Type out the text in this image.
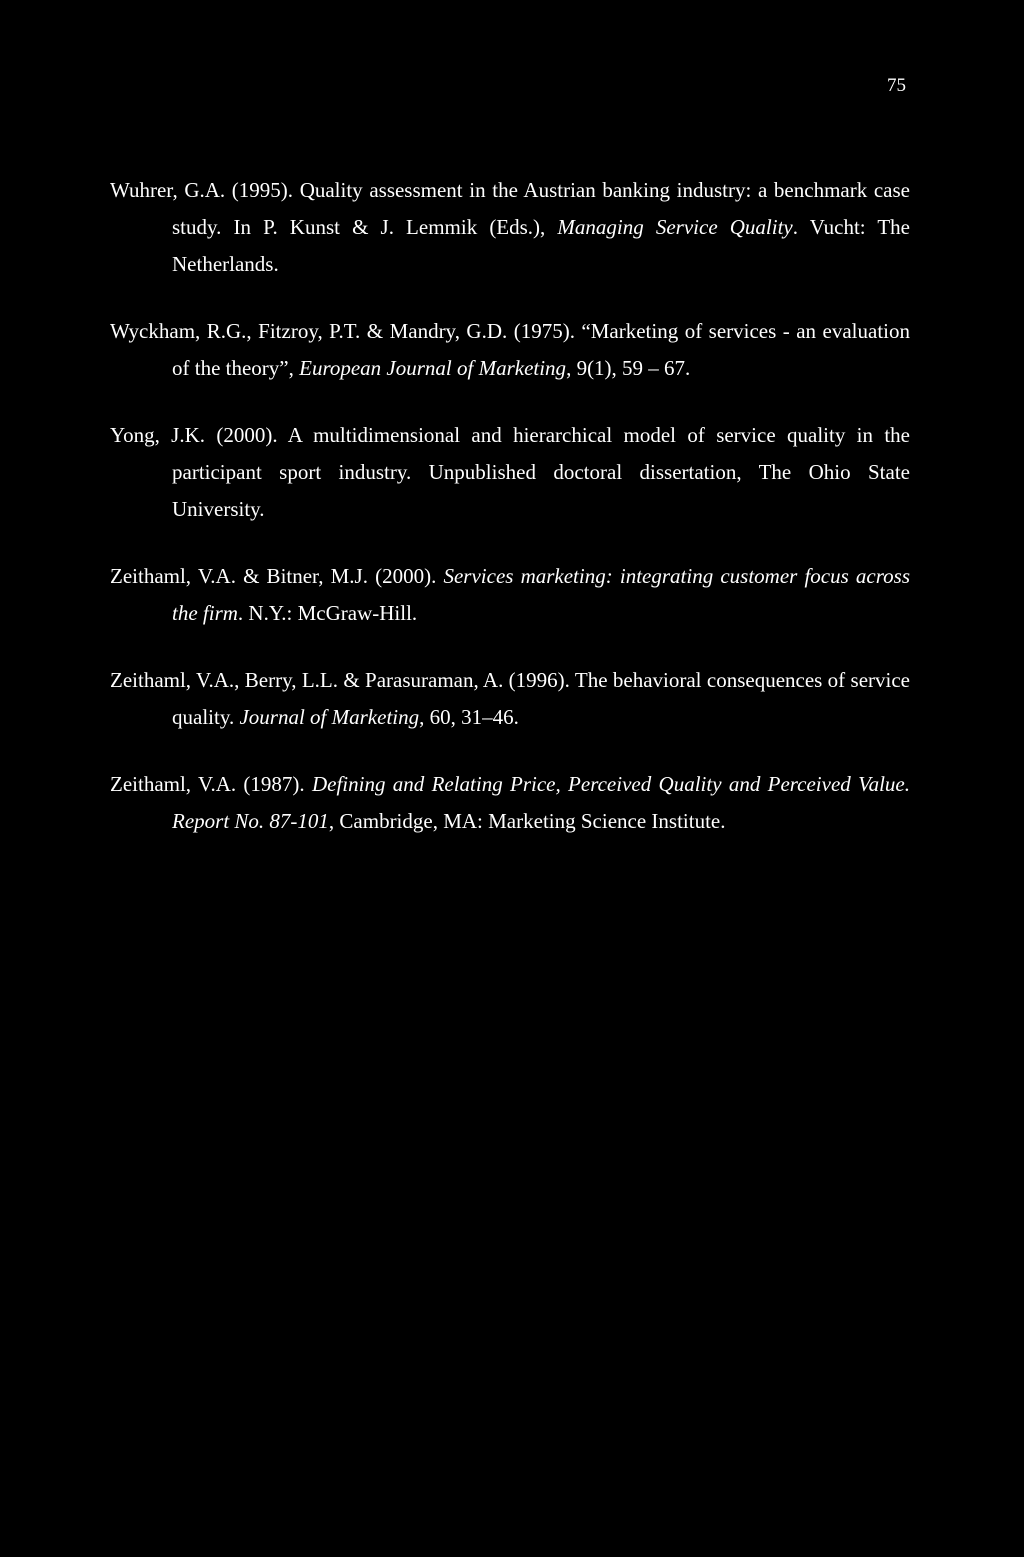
75

Wuhrer, G.A. (1995). Quality assessment in the Austrian banking industry: a benchmark case study. In P. Kunst & J. Lemmik (Eds.), Managing Service Quality. Vucht: The Netherlands.

Wyckham, R.G., Fitzroy, P.T. & Mandry, G.D. (1975). “Marketing of services - an evaluation of the theory”, European Journal of Marketing, 9(1), 59 – 67.

Yong, J.K. (2000). A multidimensional and hierarchical model of service quality in the participant sport industry. Unpublished doctoral dissertation, The Ohio State University.

Zeithaml, V.A. & Bitner, M.J. (2000). Services marketing: integrating customer focus across the firm. N.Y.: McGraw-Hill.

Zeithaml, V.A., Berry, L.L. & Parasuraman, A. (1996). The behavioral consequences of service quality. Journal of Marketing, 60, 31–46.

Zeithaml, V.A. (1987). Defining and Relating Price, Perceived Quality and Perceived Value. Report No. 87-101, Cambridge, MA: Marketing Science Institute.
